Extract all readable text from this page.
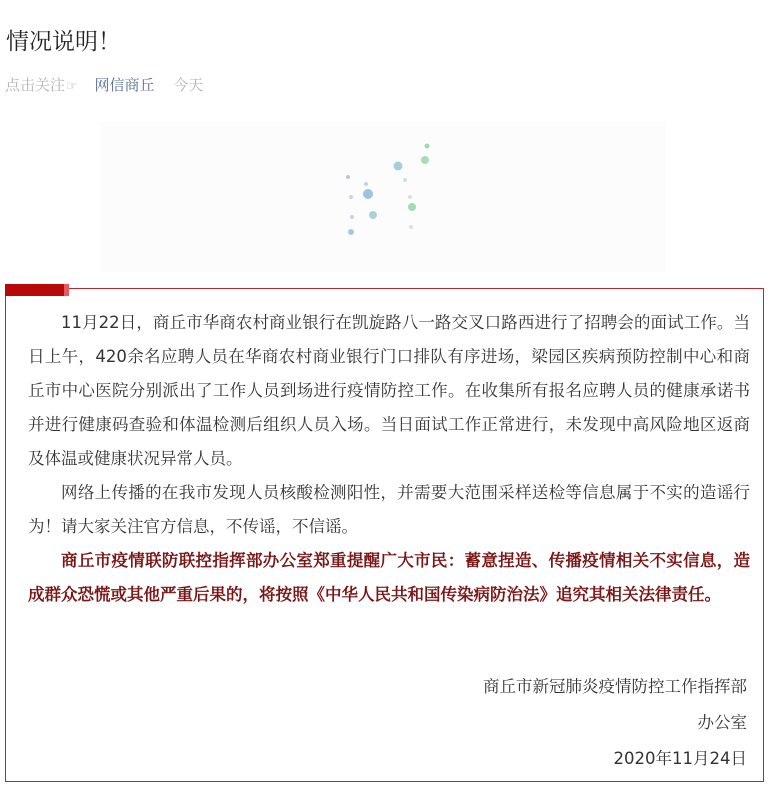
情况说明！
点击关注☞ 网信商丘 今天

11月22日，商丘市华商农村商业银行在凯旋路八一路交叉口路西进行了招聘会的面试工作。当日上午，420余名应聘人员在华商农村商业银行门口排队有序进场，梁园区疾病预防控制中心和商丘市中心医院分别派出了工作人员到场进行疫情防控工作。在收集所有报名应聘人员的健康承诺书并进行健康码查验和体温检测后组织人员入场。当日面试工作正常进行，未发现中高风险地区返商及体温或健康状况异常人员。

网络上传播的在我市发现人员核酸检测阳性，并需要大范围采样送检等信息属于不实的造谣行为！请大家关注官方信息，不传谣，不信谣。

商丘市疫情联防联控指挥部办公室郑重提醒广大市民：蓄意捏造、传播疫情相关不实信息，造成群众恐慌或其他严重后果的，将按照《中华人民共和国传染病防治法》追究其相关法律责任。

商丘市新冠肺炎疫情防控工作指挥部
办公室
2020年11月24日
